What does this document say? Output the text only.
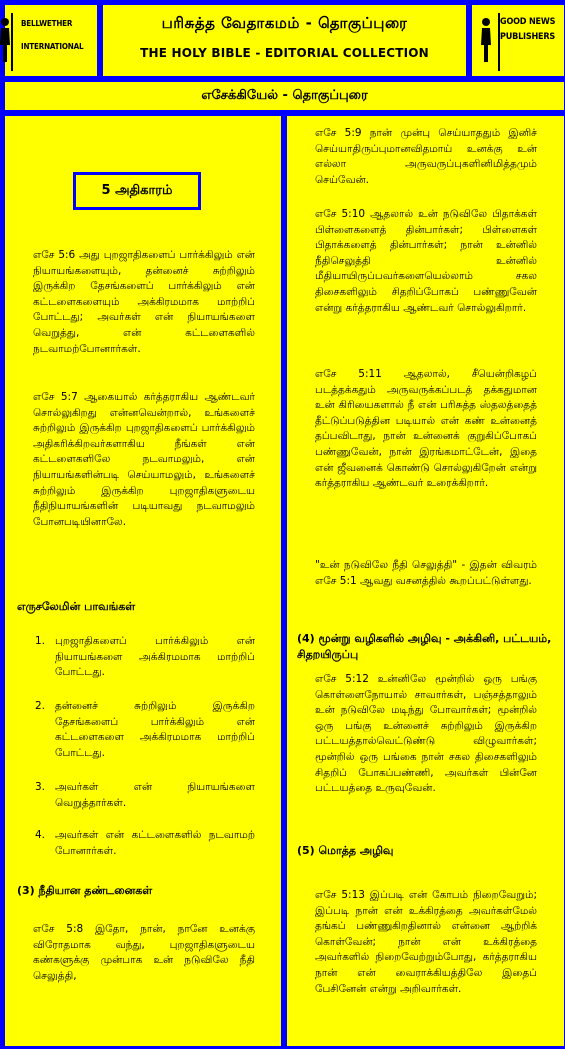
BELLWETHER
INTERNATIONAL
பரிசுத்த வேதாகமம் - தொகுப்புரை
THE HOLY BIBLE - EDITORIAL COLLECTION
GOOD NEWS
PUBLISHERS
எசேக்கியேல் - தொகுப்புரை
5 அதிகாரம்
எசே 5:6 அது புறஜாதிகளைப் பார்க்கிலும் என் நியாயங்களையும், தன்னைச் சுற்றிலும் இருக்கிற தேசங்களைப் பார்க்கிலும் என் கட்டளைகளையும் அக்கிரமமாக மாற்றிப் போட்டது; அவர்கள் என் நியாயங்களை வெறுத்து, என் கட்டளைகளில் நடவாமற்போனார்கள்.
எசே 5:7 ஆகையால் கர்த்தராகிய ஆண்டவர் சொல்லுகிறது என்னவென்றால், உங்களைச் சுற்றிலும் இருக்கிற புறஜாதிகளைப் பார்க்கிலும் அதிகரிக்கிறவர்களாகிய நீங்கள் என் கட்டளைகளிலே நடவாமலும், என் நியாயங்களின்படி செய்யாமலும், உங்களைச் சுற்றிலும் இருக்கிற புறஜாதிகளுடைய நீதிநியாயங்களின் படியாவது நடவாமலும் போனபடியினாலே.
எருசலேமின் பாவங்கள்
1. புறஜாதிகளைப் பார்க்கிலும் என் நியாயங்களை அக்கிரமமாக மாற்றிப் போட்டது.
2. தன்னைச் சுற்றிலும் இருக்கிற தேசங்களைப் பார்க்கிலும் என் கட்டளைகளை அக்கிரமமாக மாற்றிப் போட்டது.
3. அவர்கள் என் நியாயங்களை வெறுத்தார்கள்.
4. அவர்கள் என் கட்டளைகளில் நடவாமற் போனார்கள்.
(3) நீதியான தண்டனைகள்
எசே 5:8 இதோ, நான், நானே உனக்கு விரோதமாக வந்து, புறஜாதிகளுடைய கண்களுக்கு முன்பாக உன் நடுவிலே நீதி செலுத்தி,
எசே 5:9 நான் முன்பு செய்யாததும் இனிச் செய்யாதிருப்புமானவிதமாய் உனக்கு உன் எல்லா அருவருப்புகளினிமித்தமும் செய்வேன்.
எசே 5:10 ஆதலால் உன் நடுவிலே பிதாக்கள் பிள்ளைகளைத் தின்பார்கள்; பிள்ளைகள் பிதாக்களைத் தின்பார்கள்; நான் உன்னில் நீதிசெலுத்தி உன்னில் மீதியாயிருப்பவர்களையெல்லாம் சகல திசைகளிலும் சிதறிப்போகப் பண்ணுவேன் என்று கர்த்தராகிய ஆண்டவர் சொல்லுகிறார்.
எசே 5:11 ஆதலால், சீயென்றிகழப் படத்தக்கதும் அருவருக்கப்படத் தக்கதுமான உன் கிரியைகளால் நீ என் பரிசுத்த ஸ்தலத்தைத் தீட்டுப்படுத்தின படியால் என் கண் உன்னைத் தப்பவிடாது, நான் உன்னைக் குறுகிப்போகப் பண்ணுவேன், நான் இரங்கமாட்டேன், இதை என் ஜீவனைக் கொண்டு சொல்லுகிறேன் என்று கர்த்தராகிய ஆண்டவர் உரைக்கிறார்.
"உன் நடுவிலே நீதி செலுத்தி" - இதன் விவரம் எசே 5:1 ஆவது வசனத்தில் கூறப்பட்டுள்ளது.
(4) மூன்று வழிகளில் அழிவு - அக்கினி, பட்டயம், சிதறயிருப்பு
எசே 5:12 உன்னிலே மூன்றில் ஒரு பங்கு கொள்ளைநோயால் சாவார்கள், பஞ்சத்தாலும் உன் நடுவிலே மடிந்து போவார்கள்; மூன்றில் ஒரு பங்கு உன்னைச் சுற்றிலும் இருக்கிற பட்டயத்தால்வெட்டுண்டு விழுவார்கள்; மூன்றில் ஒரு பங்கை நான் சகல திசைகளிலும் சிதறிப் போகப்பண்ணி, அவர்கள் பின்னே பட்டயத்தை உருவுவேன்.
(5) மொத்த அழிவு
எசே 5:13 இப்படி என் கோபம் நிறைவேறும்; இப்படி நான் என் உக்கிரத்தை அவர்கள்மேல் தங்கப் பண்ணுகிறதினால் என்னை ஆற்றிக் கொள்வேன்; நான் என் உக்கிரத்தை அவர்களில் நிறைவேற்றும்போது, கர்த்தராகிய நான் என் வைராக்கியத்திலே இதைப் பேசினேன் என்று அறிவார்கள்.
